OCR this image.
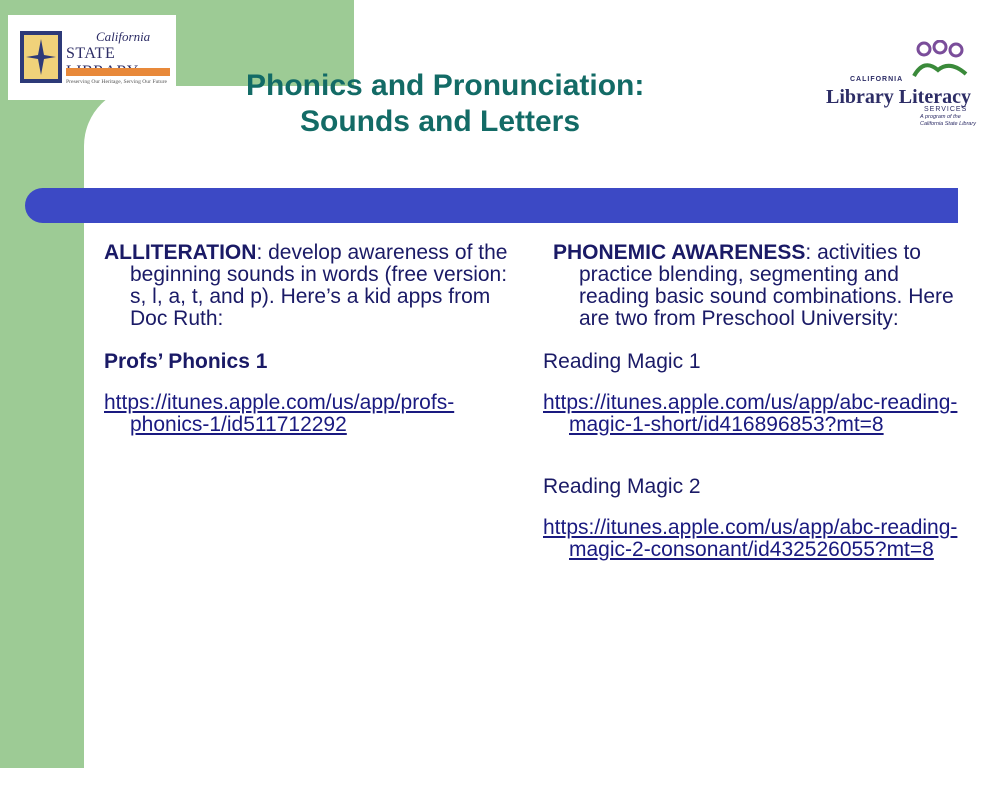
California
STATE
Preserving Our Heritage, Serving Our Future	CALIFORNIA
Library Literacy
SERVICES
A program of the California State Library
Phonics and Pronunciation:
Sounds and Letters

ALLITERATION: develop awareness of the beginning sounds in words (free version: s, l, a, t, and p). Here’s a kid apps from Doc Ruth:

Profs’ Phonics 1

https://itunes.apple.com/us/app/profs-phonics-1/id511712292

PHONEMIC AWARENESS: activities to practice blending, segmenting and reading basic sound combinations. Here are two from Preschool University:

Reading Magic 1

https://itunes.apple.com/us/app/abc-reading-magic-1-short/id416896853?mt=8

Reading Magic 2

https://itunes.apple.com/us/app/abc-reading-magic-2-consonant/id432526055?mt=8
